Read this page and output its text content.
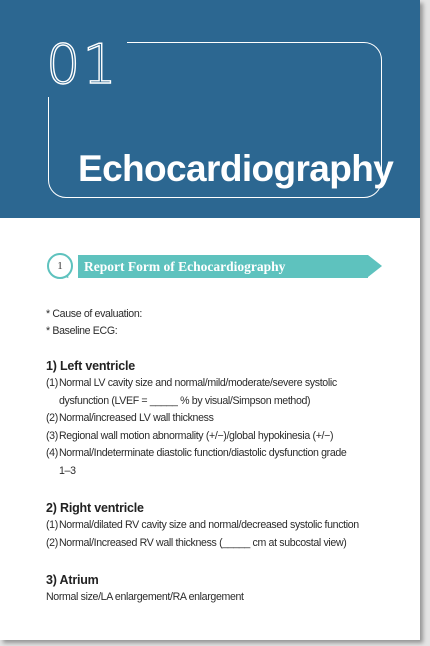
01
Echocardiography
Report Form of Echocardiography
1
* Cause of evaluation:
* Baseline ECG:
1) Left ventricle
(1) Normal LV cavity size and normal/mild/moderate/severe systolic
dysfunction (LVEF = _____ % by visual/Simpson method)
(2) Normal/increased LV wall thickness
(3) Regional wall motion abnormality (+/−)/global hypokinesia (+/−)
(4) Normal/Indeterminate diastolic function/diastolic dysfunction grade
1–3
2) Right ventricle
(1) Normal/dilated RV cavity size and normal/decreased systolic function
(2) Normal/Increased RV wall thickness (_____ cm at subcostal view)
3) Atrium
Normal size/LA enlargement/RA enlargement
